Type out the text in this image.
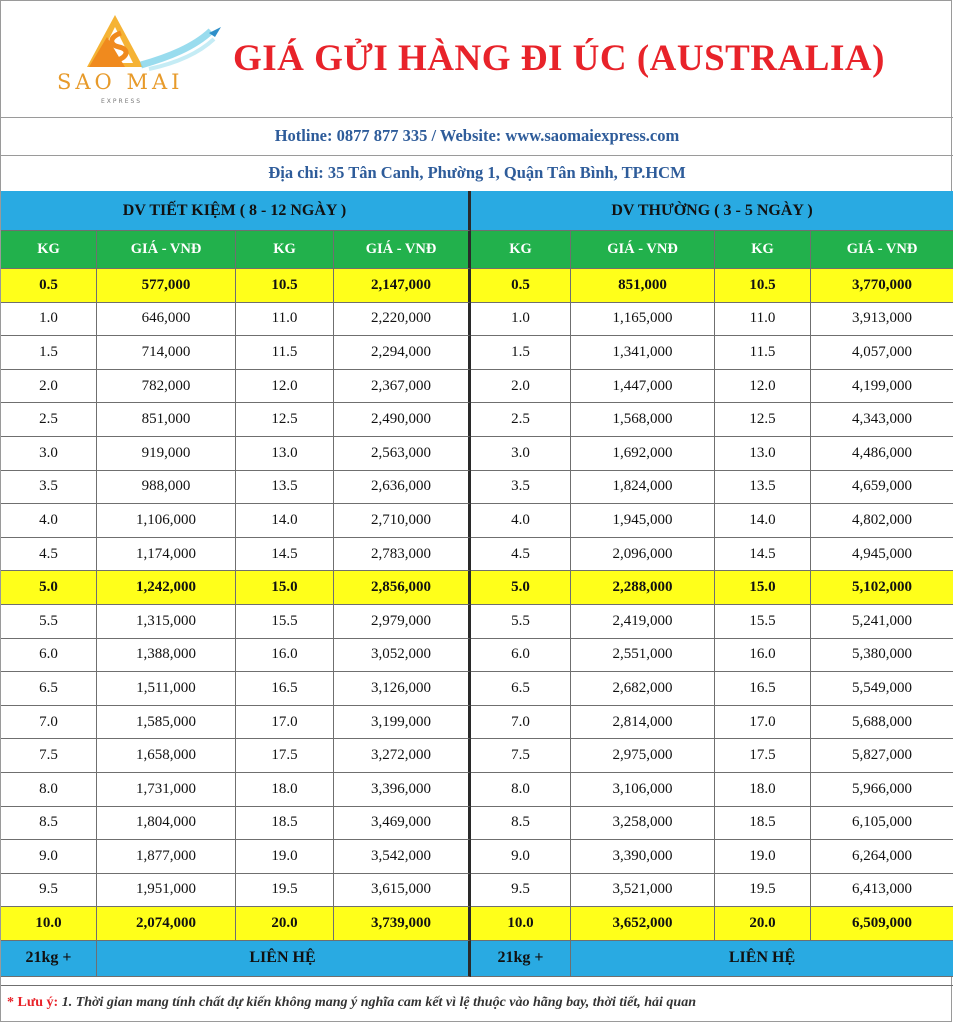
SAO MAI
EXPRESS
GIÁ GỬI HÀNG ĐI ÚC (AUSTRALIA)
Hotline: 0877 877 335 / Website: www.saomaiexpress.com
Địa chỉ: 35 Tân Canh, Phường 1, Quận Tân Bình, TP.HCM
DV TIẾT KIỆM ( 8 - 12 NGÀY )	DV THƯỜNG ( 3 - 5 NGÀY )
KG	GIÁ - VNĐ	KG	GIÁ - VNĐ	KG	GIÁ - VNĐ	KG	GIÁ - VNĐ
0.5	577,000	10.5	2,147,000	0.5	851,000	10.5	3,770,000
1.0	646,000	11.0	2,220,000	1.0	1,165,000	11.0	3,913,000
1.5	714,000	11.5	2,294,000	1.5	1,341,000	11.5	4,057,000
2.0	782,000	12.0	2,367,000	2.0	1,447,000	12.0	4,199,000
2.5	851,000	12.5	2,490,000	2.5	1,568,000	12.5	4,343,000
3.0	919,000	13.0	2,563,000	3.0	1,692,000	13.0	4,486,000
3.5	988,000	13.5	2,636,000	3.5	1,824,000	13.5	4,659,000
4.0	1,106,000	14.0	2,710,000	4.0	1,945,000	14.0	4,802,000
4.5	1,174,000	14.5	2,783,000	4.5	2,096,000	14.5	4,945,000
5.0	1,242,000	15.0	2,856,000	5.0	2,288,000	15.0	5,102,000
5.5	1,315,000	15.5	2,979,000	5.5	2,419,000	15.5	5,241,000
6.0	1,388,000	16.0	3,052,000	6.0	2,551,000	16.0	5,380,000
6.5	1,511,000	16.5	3,126,000	6.5	2,682,000	16.5	5,549,000
7.0	1,585,000	17.0	3,199,000	7.0	2,814,000	17.0	5,688,000
7.5	1,658,000	17.5	3,272,000	7.5	2,975,000	17.5	5,827,000
8.0	1,731,000	18.0	3,396,000	8.0	3,106,000	18.0	5,966,000
8.5	1,804,000	18.5	3,469,000	8.5	3,258,000	18.5	6,105,000
9.0	1,877,000	19.0	3,542,000	9.0	3,390,000	19.0	6,264,000
9.5	1,951,000	19.5	3,615,000	9.5	3,521,000	19.5	6,413,000
10.0	2,074,000	20.0	3,739,000	10.0	3,652,000	20.0	6,509,000
21kg +	LIÊN HỆ	21kg +	LIÊN HỆ
* Lưu ý: 1. Thời gian mang tính chất dự kiến không mang ý nghĩa cam kết vì lệ thuộc vào hãng bay, thời tiết, hải quan
